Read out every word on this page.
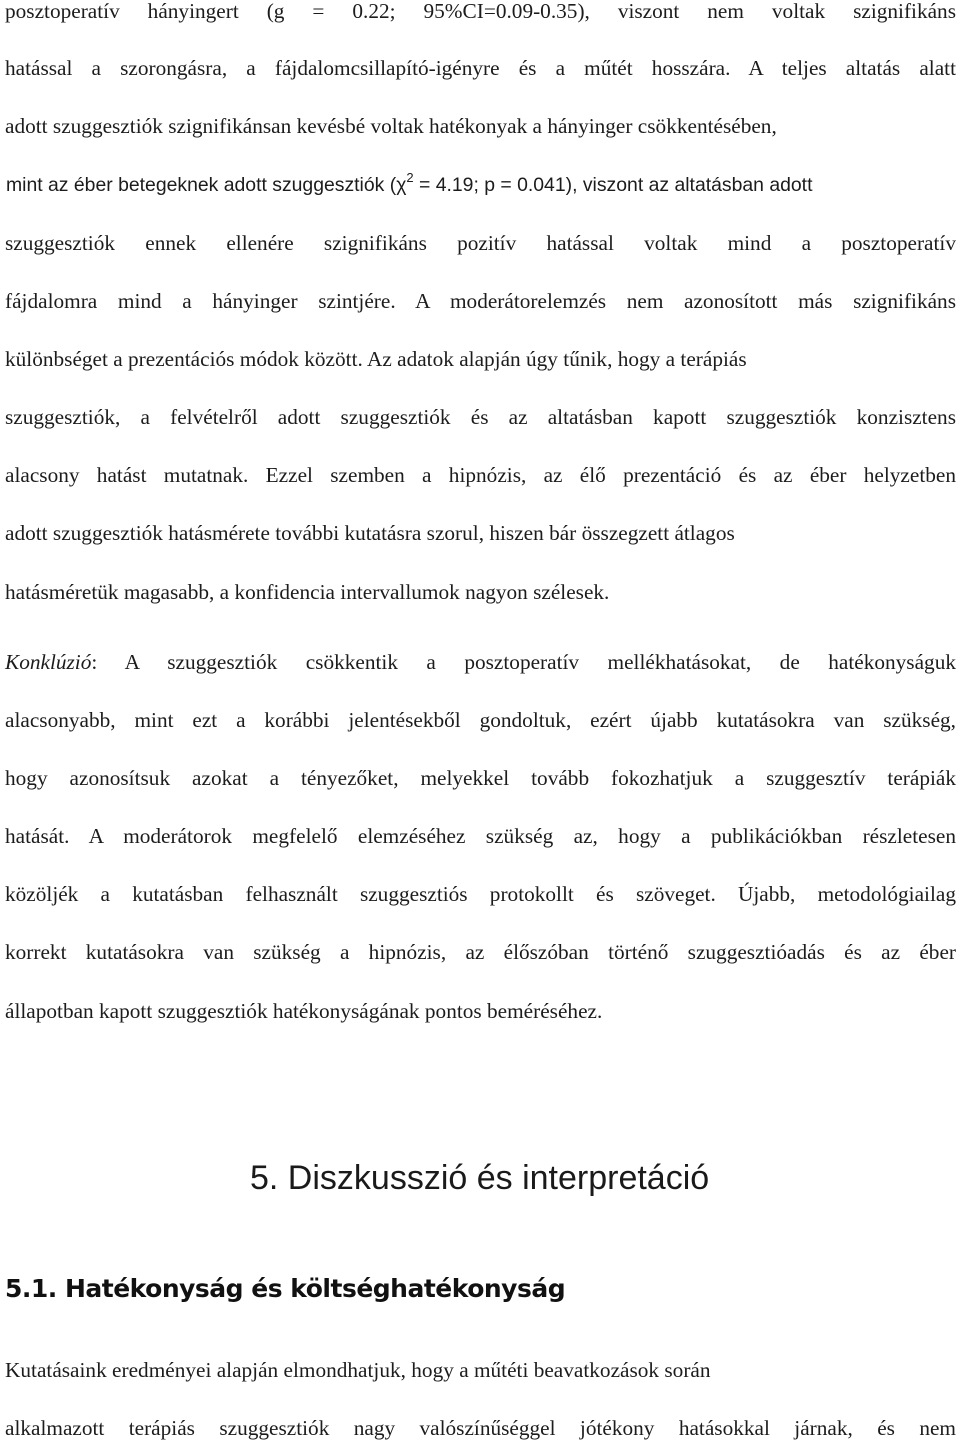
posztoperatív hányingert (g = 0.22; 95%CI=0.09-0.35), viszont nem voltak szignifikáns
hatással a szorongásra, a fájdalomcsillapító-igényre és a műtét hosszára. A teljes altatás alatt
adott szuggesztiók szignifikánsan kevésbé voltak hatékonyak a hányinger csökkentésében,
mint az éber betegeknek adott szuggesztiók ($\chi^2 = 4.19$; p = 0.041), viszont az altatásban adott
szuggesztiók ennek ellenére szignifikáns pozitív hatással voltak mind a posztoperatív
fájdalomra mind a hányinger szintjére. A moderátorelemzés nem azonosított más szignifikáns
különbséget a prezentációs módok között. Az adatok alapján úgy tűnik, hogy a terápiás
szuggesztiók, a felvételről adott szuggesztiók és az altatásban kapott szuggesztiók konzisztens
alacsony hatást mutatnak. Ezzel szemben a hipnózis, az élő prezentáció és az éber helyzetben
adott szuggesztiók hatásmérete további kutatásra szorul, hiszen bár összegzett átlagos
hatásméretük magasabb, a konfidencia intervallumok nagyon szélesek.
Konklúzió: A szuggesztiók csökkentik a posztoperatív mellékhatásokat, de hatékonyságuk
alacsonyabb, mint ezt a korábbi jelentésekből gondoltuk, ezért újabb kutatásokra van szükség,
hogy azonosítsuk azokat a tényezőket, melyekkel tovább fokozhatjuk a szuggesztív terápiák
hatását. A moderátorok megfelelő elemzéséhez szükség az, hogy a publikációkban részletesen
közöljék a kutatásban felhasznált szuggesztiós protokollt és szöveget. Újabb, metodológiailag
korrekt kutatásokra van szükség a hipnózis, az élőszóban történő szuggesztióadás és az éber
állapotban kapott szuggesztiók hatékonyságának pontos beméréséhez.
5. Diszkusszió és interpretáció
5.1. Hatékonyság és költséghatékonyság
Kutatásaink eredményei alapján elmondhatjuk, hogy a műtéti beavatkozások során
alkalmazott terápiás szuggesztiók nagy valószínűséggel jótékony hatásokkal járnak, és nem
